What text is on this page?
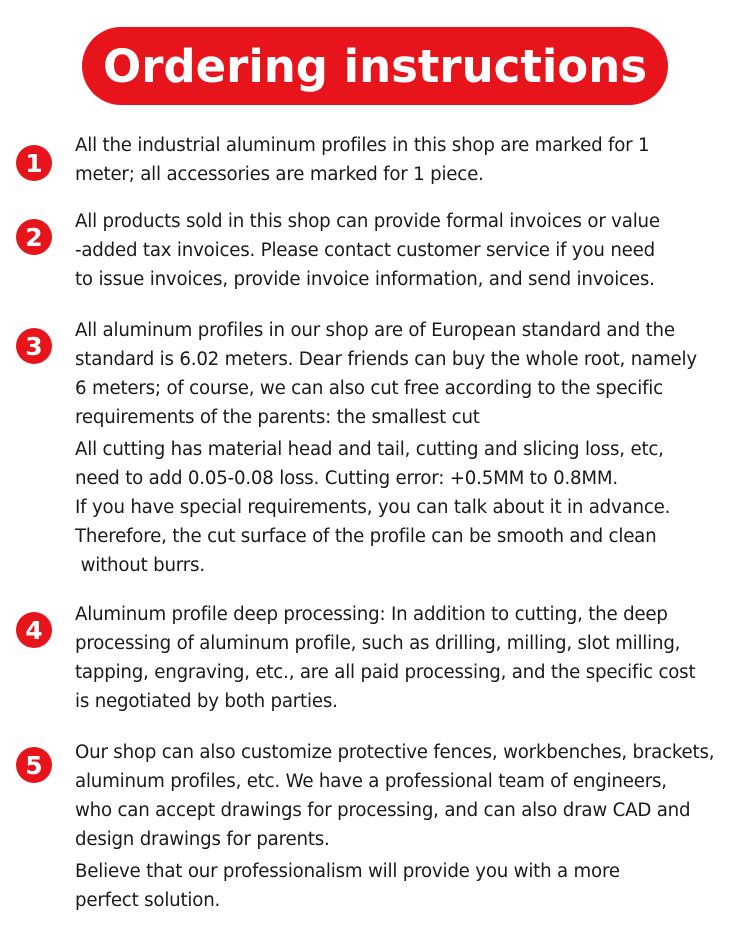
Ordering instructions
1
All the industrial aluminum profiles in this shop are marked for 1
meter; all accessories are marked for 1 piece.
2
All products sold in this shop can provide formal invoices or value
-added tax invoices. Please contact customer service if you need
to issue invoices, provide invoice information, and send invoices.
3
All aluminum profiles in our shop are of European standard and the
standard is 6.02 meters. Dear friends can buy the whole root, namely
6 meters; of course, we can also cut free according to the specific
requirements of the parents: the smallest cut
All cutting has material head and tail, cutting and slicing loss, etc,
need to add 0.05-0.08 loss. Cutting error: +0.5MM to 0.8MM.
If you have special requirements, you can talk about it in advance.
Therefore, the cut surface of the profile can be smooth and clean
without burrs.
4
Aluminum profile deep processing: In addition to cutting, the deep
processing of aluminum profile, such as drilling, milling, slot milling,
tapping, engraving, etc., are all paid processing, and the specific cost
is negotiated by both parties.
5	Our shop can also customize protective fences, workbenches, brackets,
aluminum profiles, etc. We have a professional team of engineers,
who can accept drawings for processing, and can also draw CAD and
design drawings for parents.
Believe that our professionalism will provide you with a more
perfect solution.
